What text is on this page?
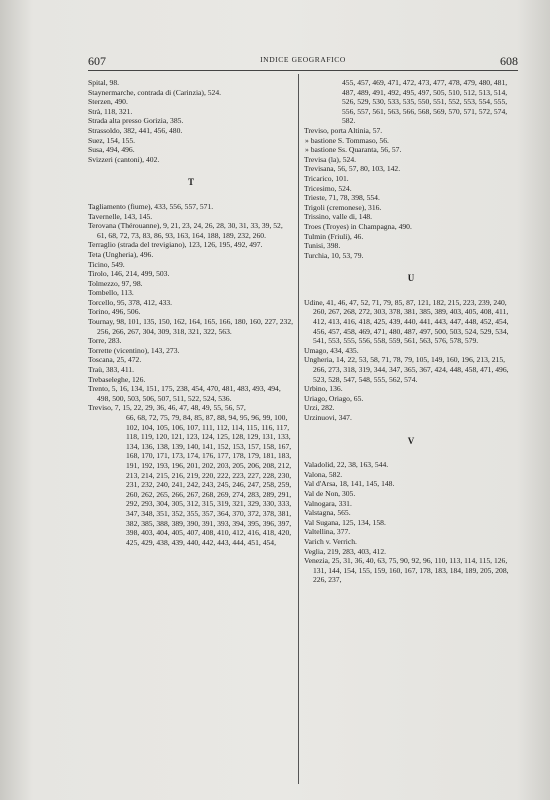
607	INDICE GEOGRAFICO	608
Spital, 98.
Staynermarche, contrada di (Carinzia), 524.
Sterzen, 490.
Strà, 118, 321.
Strada alta presso Gorizia, 385.
Strassoldo, 382, 441, 456, 480.
Suez, 154, 155.
Susa, 494, 496.
Svizzeri (cantoni), 402.
T
Tagliamento (fiume), 433, 556, 557, 571.
Tavernelle, 143, 145.
Terovana (Thérouanne), 9, 21, 23, 24, 26, 28, 30, 31, 33, 39, 52, 61, 68, 72, 73, 83, 86, 93, 163, 164, 188, 189, 232, 260.
Terraglio (strada del trevigiano), 123, 126, 195, 492, 497.
Teta (Ungheria), 496.
Ticino, 549.
Tirolo, 146, 214, 499, 503.
Tolmezzo, 97, 98.
Tombello, 113.
Torcello, 95, 378, 412, 433.
Torino, 496, 506.
Tournay, 98, 101, 135, 150, 162, 164, 165, 166, 180, 160, 227, 232, 256, 266, 267, 304, 309, 318, 321, 322, 563.
Torre, 283.
Torrette (vicentino), 143, 273.
Toscana, 25, 472.
Traù, 383, 411.
Trebaseleghe, 126.
Trento, 5, 16, 134, 151, 175, 238, 454, 470, 481, 483, 493, 494, 498, 500, 503, 506, 507, 511, 522, 524, 536.
Treviso, 7, 15, 22, 29, 36, 46, 47, 48, 49, 55, 56, 57,
66, 68, 72, 75, 79, 84, 85, 87, 88, 94, 95, 96, 99, 100, 102, 104, 105, 106, 107, 111, 112, 114, 115, 116, 117, 118, 119, 120, 121, 123, 124, 125, 128, 129, 131, 133, 134, 136, 138, 139, 140, 141, 152, 153, 157, 158, 167, 168, 170, 171, 173, 174, 176, 177, 178, 179, 181, 183, 191, 192, 193, 196, 201, 202, 203, 205, 206, 208, 212, 213, 214, 215, 216, 219, 220, 222, 223, 227, 228, 230, 231, 232, 240, 241, 242, 243, 245, 246, 247, 258, 259, 260, 262, 265, 266, 267, 268, 269, 274, 283, 289, 291, 292, 293, 304, 305, 312, 315, 319, 321, 329, 330, 333, 347, 348, 351, 352, 355, 357, 364, 370, 372, 378, 381, 382, 385, 388, 389, 390, 391, 393, 394, 395, 396, 397, 398, 403, 404, 405, 407, 408, 410, 412, 416, 418, 420, 425, 429, 438, 439, 440, 442, 443, 444, 451, 454,
455, 457, 469, 471, 472, 473, 477, 478, 479, 480, 481, 487, 489, 491, 492, 495, 497, 505, 510, 512, 513, 514, 526, 529, 530, 533, 535, 550, 551, 552, 553, 554, 555, 556, 557, 561, 563, 566, 568, 569, 570, 571, 572, 574, 582.
Treviso, porta Altinia, 57.
» bastione S. Tommaso, 56.
» bastione Ss. Quaranta, 56, 57.
Trevisa (la), 524.
Trevisana, 56, 57, 80, 103, 142.
Tricarico, 101.
Tricesimo, 524.
Trieste, 71, 78, 398, 554.
Trigoli (cremonese), 316.
Trissino, valle di, 148.
Troes (Troyes) in Champagna, 490.
Tulmin (Friuli), 46.
Tunisi, 398.
Turchia, 10, 53, 79.
U
Udine, 41, 46, 47, 52, 71, 79, 85, 87, 121, 182, 215, 223, 239, 240, 260, 267, 268, 272, 303, 378, 381, 385, 389, 403, 405, 408, 411, 412, 413, 416, 418, 425, 439, 440, 441, 443, 447, 448, 452, 454, 456, 457, 458, 469, 471, 480, 487, 497, 500, 503, 524, 529, 534, 541, 553, 555, 556, 558, 559, 561, 563, 576, 578, 579.
Umago, 434, 435.
Ungheria, 14, 22, 53, 58, 71, 78, 79, 105, 149, 160, 196, 213, 215, 266, 273, 318, 319, 344, 347, 365, 367, 424, 448, 458, 471, 496, 523, 528, 547, 548, 555, 562, 574.
Urbino, 136.
Uriago, Oriago, 65.
Urzi, 282.
Urzinuovi, 347.
V
Valadolid, 22, 38, 163, 544.
Valona, 582.
Val d'Arsa, 18, 141, 145, 148.
Val de Non, 305.
Valnogara, 331.
Valstagna, 565.
Val Sugana, 125, 134, 158.
Valtellina, 377.
Varich v. Verrich.
Veglia, 219, 283, 403, 412.
Venezia, 25, 31, 36, 40, 63, 75, 90, 92, 96, 110, 113, 114, 115, 126, 131, 144, 154, 155, 159, 160, 167, 178, 183, 184, 189, 205, 208, 226, 237,
